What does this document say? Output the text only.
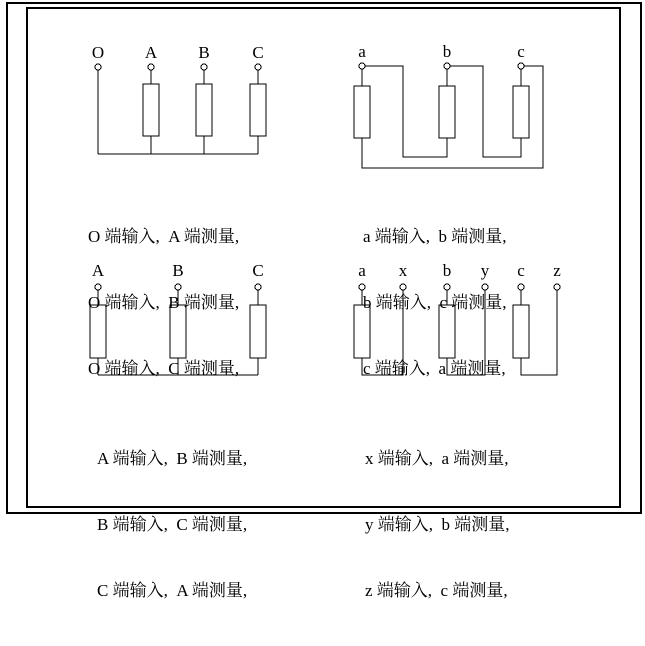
O A B	C	a	b	c
A	B	C	a x b y c z

O 端输入,  A 端测量,

O 端输入,  B 端测量,

O 端输入,  C 端测量,

a 端输入,  b 端测量,

b 端输入,  c 端测量,

c 端输入,  a 端测量,

A 端输入,  B 端测量,

B 端输入,  C 端测量,

C 端输入,  A 端测量,

x 端输入,  a 端测量,

y 端输入,  b 端测量,

z 端输入,  c 端测量,
